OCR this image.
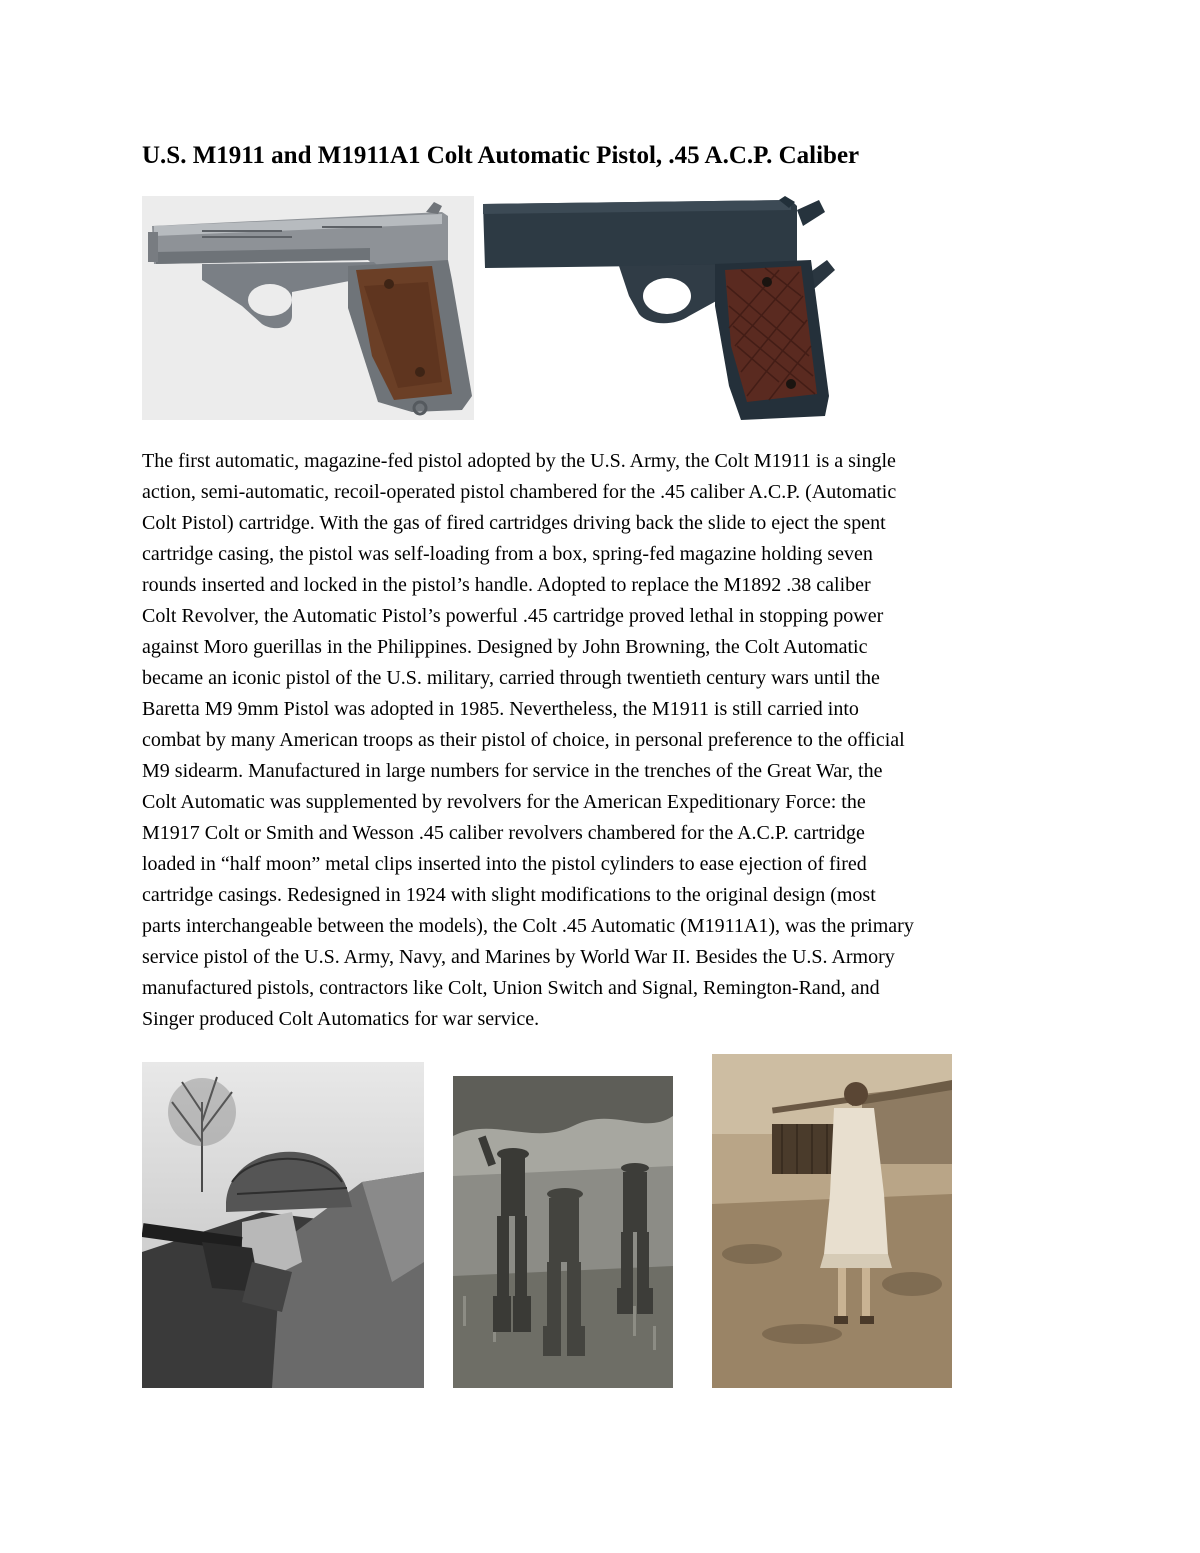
U.S. M1911 and M1911A1 Colt Automatic Pistol, .45 A.C.P. Caliber
The first automatic, magazine-fed pistol adopted by the U.S. Army, the Colt M1911 is a single
action, semi-automatic, recoil-operated pistol chambered for the .45 caliber A.C.P. (Automatic
Colt Pistol) cartridge. With the gas of fired cartridges driving back the slide to eject the spent
cartridge casing, the pistol was self-loading from a box, spring-fed magazine holding seven
rounds inserted and locked in the pistol’s handle. Adopted to replace the M1892 .38 caliber
Colt Revolver, the Automatic Pistol’s powerful .45 cartridge proved lethal in stopping power
against Moro guerillas in the Philippines. Designed by John Browning, the Colt Automatic
became an iconic pistol of the U.S. military, carried through twentieth century wars until the
Baretta M9 9mm Pistol was adopted in 1985. Nevertheless, the M1911 is still carried into
combat by many American troops as their pistol of choice, in personal preference to the official
M9 sidearm. Manufactured in large numbers for service in the trenches of the Great War, the
Colt Automatic was supplemented by revolvers for the American Expeditionary Force: the
M1917 Colt or Smith and Wesson .45 caliber revolvers chambered for the A.C.P. cartridge
loaded in “half moon” metal clips inserted into the pistol cylinders to ease ejection of fired
cartridge casings. Redesigned in 1924 with slight modifications to the original design (most
parts interchangeable between the models), the Colt .45 Automatic (M1911A1), was the primary
service pistol of the U.S. Army, Navy, and Marines by World War II. Besides the U.S. Armory
manufactured pistols, contractors like Colt, Union Switch and Signal, Remington-Rand, and
Singer produced Colt Automatics for war service.
